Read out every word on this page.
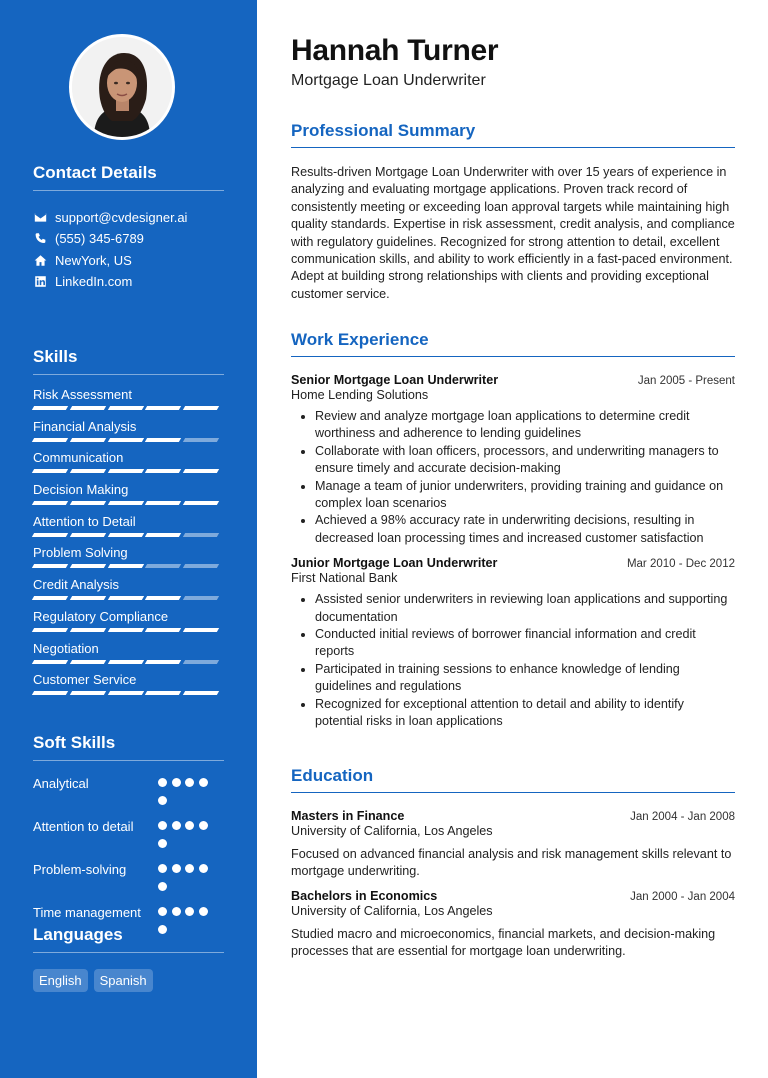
Contact Details
support@cvdesigner.ai
(555) 345-6789
NewYork, US
LinkedIn.com
Skills
Risk Assessment
Financial Analysis
Communication
Decision Making
Attention to Detail
Problem Solving
Credit Analysis
Regulatory Compliance
Negotiation
Customer Service
Soft Skills
Analytical
Attention to detail
Problem-solving
Time management
Languages
English	Spanish
Hannah Turner
Mortgage Loan Underwriter
Professional Summary

Results-driven Mortgage Loan Underwriter with over 15 years of experience in analyzing and evaluating mortgage applications. Proven track record of consistently meeting or exceeding loan approval targets while maintaining high quality standards. Expertise in risk assessment, credit analysis, and compliance with regulatory guidelines. Recognized for strong attention to detail, excellent communication skills, and ability to work efficiently in a fast-paced environment. Adept at building strong relationships with clients and providing exceptional customer service.

Work Experience
Senior Mortgage Loan Underwriter	Jan 2005 - Present
Home Lending Solutions
• Review and analyze mortgage loan applications to determine credit worthiness and adherence to lending guidelines
• Collaborate with loan officers, processors, and underwriting managers to ensure timely and accurate decision-making
• Manage a team of junior underwriters, providing training and guidance on complex loan scenarios
• Achieved a 98% accuracy rate in underwriting decisions, resulting in decreased loan processing times and increased customer satisfaction
Junior Mortgage Loan Underwriter	Mar 2010 - Dec 2012
First National Bank
• Assisted senior underwriters in reviewing loan applications and supporting documentation
• Conducted initial reviews of borrower financial information and credit reports
• Participated in training sessions to enhance knowledge of lending guidelines and regulations
• Recognized for exceptional attention to detail and ability to identify potential risks in loan applications
Education
Masters in Finance	Jan 2004 - Jan 2008
University of California, Los Angeles

Focused on advanced financial analysis and risk management skills relevant to mortgage underwriting.

Bachelors in Economics	Jan 2000 - Jan 2004
University of California, Los Angeles

Studied macro and microeconomics, financial markets, and decision-making processes that are essential for mortgage loan underwriting.
